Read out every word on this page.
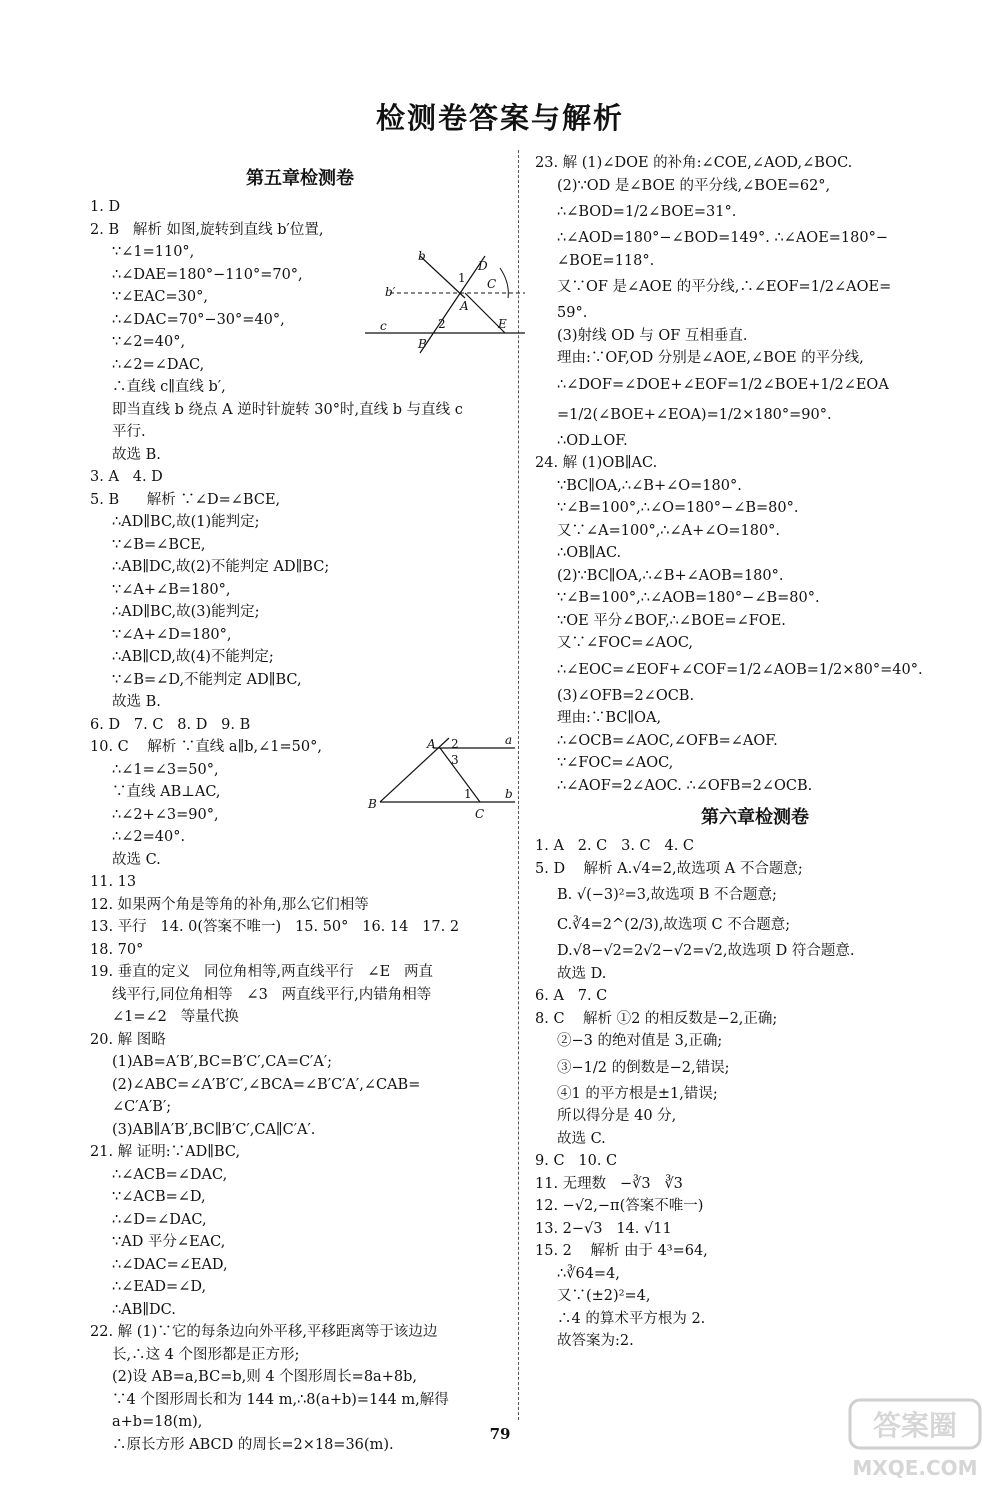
检测卷答案与解析
第五章检测卷
1. D
2. B   解析 如图,旋转到直线 b′位置,
∵∠1=110°,
∴∠DAE=180°−110°=70°,
∵∠EAC=30°,
∴∠DAC=70°−30°=40°,
∵∠2=40°,
∴∠2=∠DAC,
∴直线 c∥直线 b′,
即当直线 b 绕点 A 逆时针旋转 30°时,直线 b 与直线 c
平行.
故选 B.
3. A   4. D
5. B      解析 ∵∠D=∠BCE,
∴AD∥BC,故(1)能判定;
∵∠B=∠BCE,
∴AB∥DC,故(2)不能判定 AD∥BC;
∵∠A+∠B=180°,
∴AD∥BC,故(3)能判定;
∵∠A+∠D=180°,
∴AB∥CD,故(4)不能判定;
∵∠B=∠D,不能判定 AD∥BC,
故选 B.
6. D   7. C   8. D   9. B
10. C    解析 ∵直线 a∥b,∠1=50°,
∴∠1=∠3=50°,
∵直线 AB⊥AC,
∴∠2+∠3=90°,
∴∠2=40°.
故选 C.
11. 13
12. 如果两个角是等角的补角,那么它们相等
13. 平行   14. 0(答案不唯一)   15. 50°   16. 14   17. 2
18. 70°
19. 垂直的定义   同位角相等,两直线平行   ∠E   两直
线平行,同位角相等   ∠3   两直线平行,内错角相等
∠1=∠2   等量代换
20. 解 图略
(1)AB=A′B′,BC=B′C′,CA=C′A′;
(2)∠ABC=∠A′B′C′,∠BCA=∠B′C′A′,∠CAB=
∠C′A′B′;
(3)AB∥A′B′,BC∥B′C′,CA∥C′A′.
21. 解 证明:∵AD∥BC,
∴∠ACB=∠DAC,
∵∠ACB=∠D,
∴∠D=∠DAC,
∵AD 平分∠EAC,
∴∠DAC=∠EAD,
∴∠EAD=∠D,
∴AB∥DC.
22. 解 (1)∵它的每条边向外平移,平移距离等于该边边
长,∴这 4 个图形都是正方形;
(2)设 AB=a,BC=b,则 4 个图形周长=8a+8b,
∵4 个图形周长和为 144 m,∴8(a+b)=144 m,解得
a+b=18(m),
∴原长方形 ABCD 的周长=2×18=36(m).
23. 解 (1)∠DOE 的补角:∠COE,∠AOD,∠BOC.
(2)∵OD 是∠BOE 的平分线,∠BOE=62°,
∴∠BOD=1/2∠BOE=31°.
∴∠AOD=180°−∠BOD=149°. ∴∠AOE=180°−
∠BOE=118°.
又∵OF 是∠AOE 的平分线,∴∠EOF=1/2∠AOE=
59°.
(3)射线 OD 与 OF 互相垂直.
理由:∵OF,OD 分别是∠AOE,∠BOE 的平分线,
∴∠DOF=∠DOE+∠EOF=1/2∠BOE+1/2∠EOA
=1/2(∠BOE+∠EOA)=1/2×180°=90°.
∴OD⊥OF.
24. 解 (1)OB∥AC.
∵BC∥OA,∴∠B+∠O=180°.
∵∠B=100°,∴∠O=180°−∠B=80°.
又∵∠A=100°,∴∠A+∠O=180°.
∴OB∥AC.
(2)∵BC∥OA,∴∠B+∠AOB=180°.
∵∠B=100°,∴∠AOB=180°−∠B=80°.
∵OE 平分∠BOF,∴∠BOE=∠FOE.
又∵∠FOC=∠AOC,
∴∠EOC=∠EOF+∠COF=1/2∠AOB=1/2×80°=40°.
(3)∠OFB=2∠OCB.
理由:∵BC∥OA,
∴∠OCB=∠AOC,∠OFB=∠AOF.
∵∠FOC=∠AOC,
∴∠AOF=2∠AOC. ∴∠OFB=2∠OCB.
第六章检测卷
1. A   2. C   3. C   4. C
5. D    解析 A.√4=2,故选项 A 不合题意;
B. √(−3)²=3,故选项 B 不合题意;
C.∛4=2^(2/3),故选项 C 不合题意;
D.√8−√2=2√2−√2=√2,故选项 D 符合题意.
故选 D.
6. A   7. C
8. C    解析 ①2 的相反数是−2,正确;
②−3 的绝对值是 3,正确;
③−1/2 的倒数是−2,错误;
④1 的平方根是±1,错误;
所以得分是 40 分,
故选 C.
9. C   10. C
11. 无理数   −∛3   ∛3
12. −√2,−π(答案不唯一)
13. 2−√3   14. √11
15. 2    解析 由于 4³=64,
∴∛64=4,
又∵(±2)²=4,
∴4 的算术平方根为 2.
故答案为:2.
b
D
1 C
b′
A
c	2	E
B
A 2	a
3
1	b
B
C
79	答案圈
MXQE.COM
